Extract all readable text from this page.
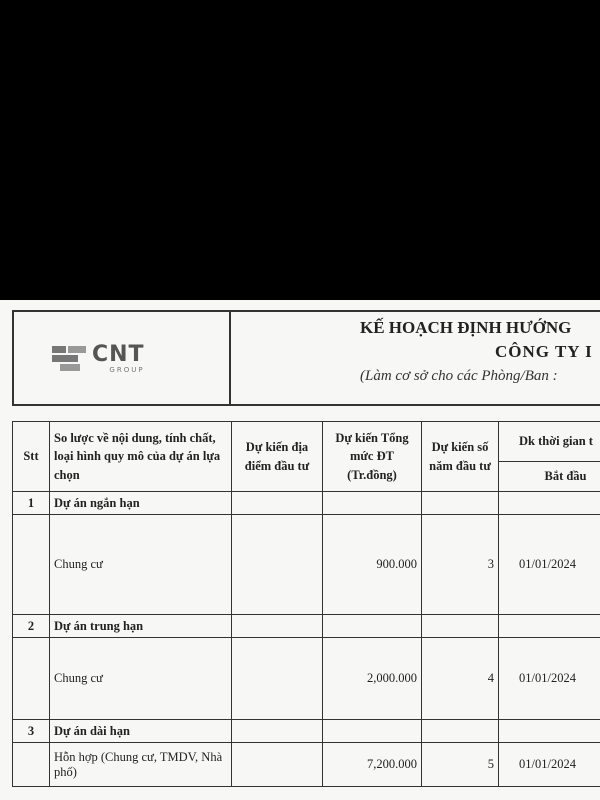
CNT
GROUP
KẾ HOẠCH ĐỊNH HƯỚNG
CÔNG TY I
(Làm cơ sở cho các Phòng/Ban :
Stt	So lược về nội dung, tính chất, loại hình quy mô của dự án lựa chọn	Dự kiến địa điểm đầu tư	Dự kiến Tổng mức ĐT (Tr.đồng)	Dự kiến số năm đầu tư	Dk thời gian t
					Bắt đầu
1	Dự án ngắn hạn				
	Chung cư		900.000	3	01/01/2024
2	Dự án trung hạn				
	Chung cư		2,000.000	4	01/01/2024
3	Dự án dài hạn				
	Hỗn hợp (Chung cư, TMDV, Nhà phố)		7,200.000	5	01/01/2024
